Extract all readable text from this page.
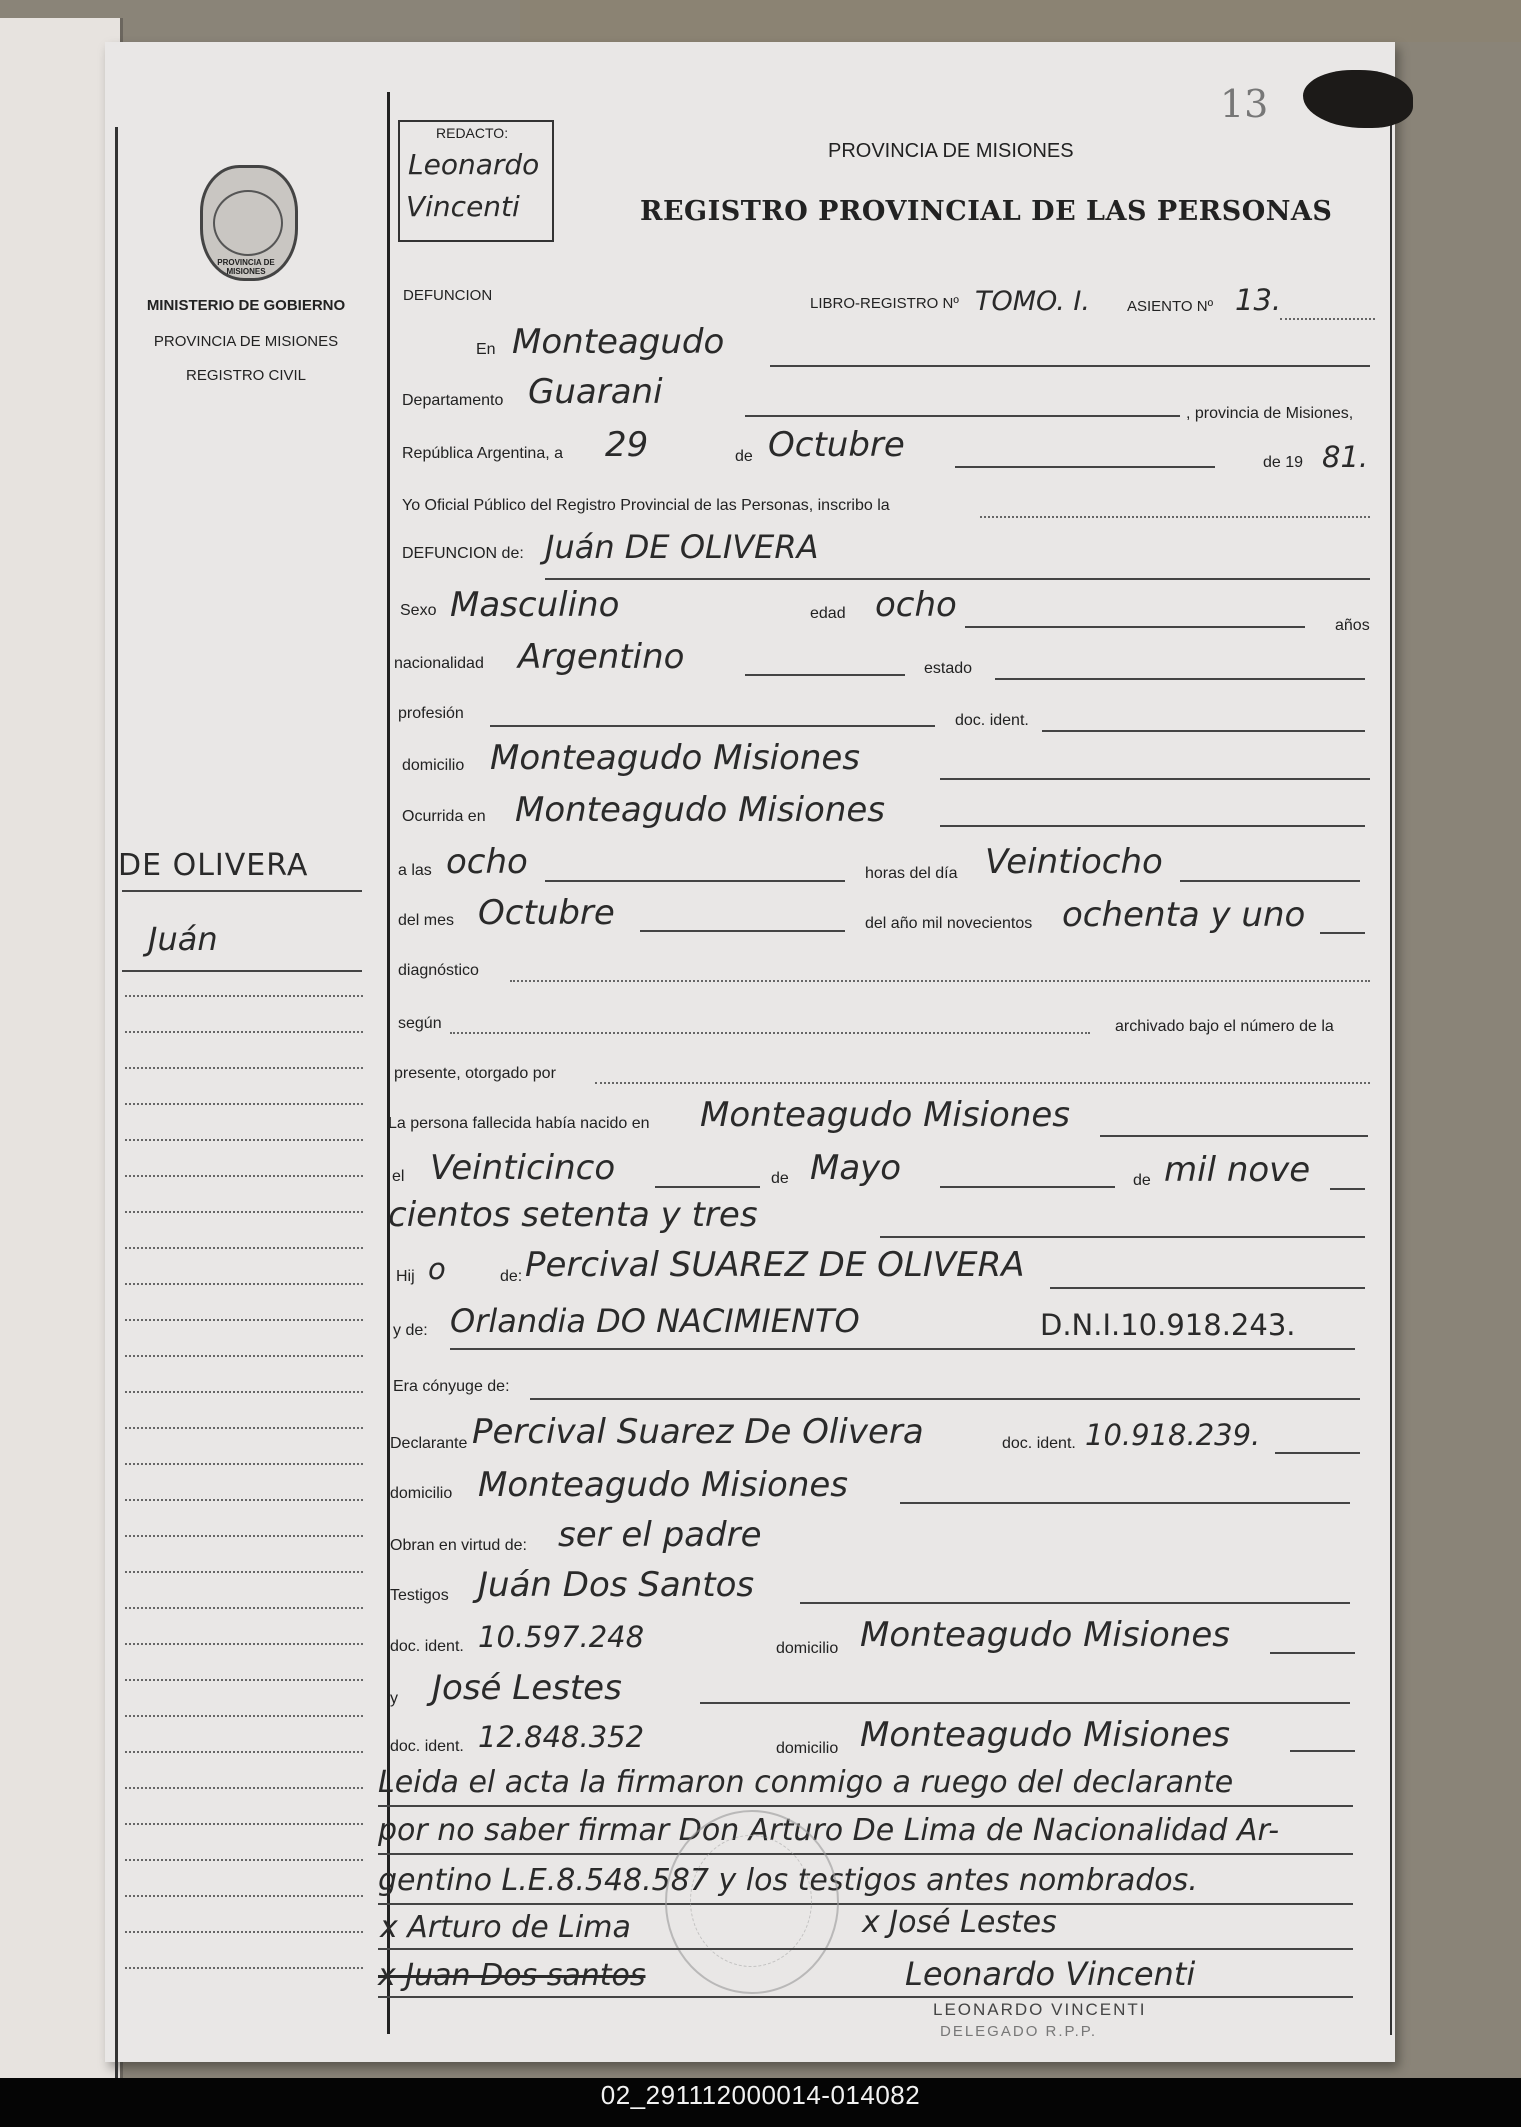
13
REDACTO:
Leonardo
Vincenti
PROVINCIA DE MISIONES
REGISTRO PROVINCIAL DE LAS PERSONAS
PROVINCIA DE MISIONES
MINISTERIO DE GOBIERNO
PROVINCIA DE MISIONES
REGISTRO CIVIL
DE OLIVERA
Juán
DEFUNCION	LIBRO-REGISTRO Nº TOMO. I. ASIENTO Nº 13.
En Monteagudo
Departamento Guarani
, provincia de Misiones,
República Argentina, a 29	de Octubre	de 19 81.
Yo Oficial Público del Registro Provincial de las Personas, inscribo la
DEFUNCION de: Juán DE OLIVERA
Sexo Masculino	edad ocho
años
nacionalidad Argentino	estado
profesión	doc. ident.
domicilio Monteagudo Misiones
Ocurrida en Monteagudo Misiones
a las ocho	horas del día Veintiocho
del mes Octubre	del año mil novecientos ochenta y uno
diagnóstico
según	archivado bajo el número de la
presente, otorgado por
La persona fallecida había nacido en Monteagudo Misiones
el Veinticinco	de Mayo	de mil nove
cientos setenta y tres
Hij o	de: Percival SUAREZ DE OLIVERA
y de: Orlandia DO NACIMIENTO	D.N.I.10.918.243.
Era cónyuge de:
Declarante Percival Suarez De Olivera	doc. ident. 10.918.239.
domicilio Monteagudo Misiones
Obran en virtud de: ser el padre
Testigos Juán Dos Santos
doc. ident. 10.597.248	domicilio Monteagudo Misiones
y José Lestes
doc. ident. 12.848.352	domicilio Monteagudo Misiones
Leida el acta la firmaron conmigo a ruego del declarante
por no saber firmar Don Arturo De Lima de Nacionalidad Ar-
gentino L.E.8.548.587 y los testigos antes nombrados.
x Arturo de Lima	x José Lestes
x Juan Dos santos	Leonardo Vincenti
LEONARDO VINCENTI
DELEGADO R.P.P.
02_291112000014-014082
